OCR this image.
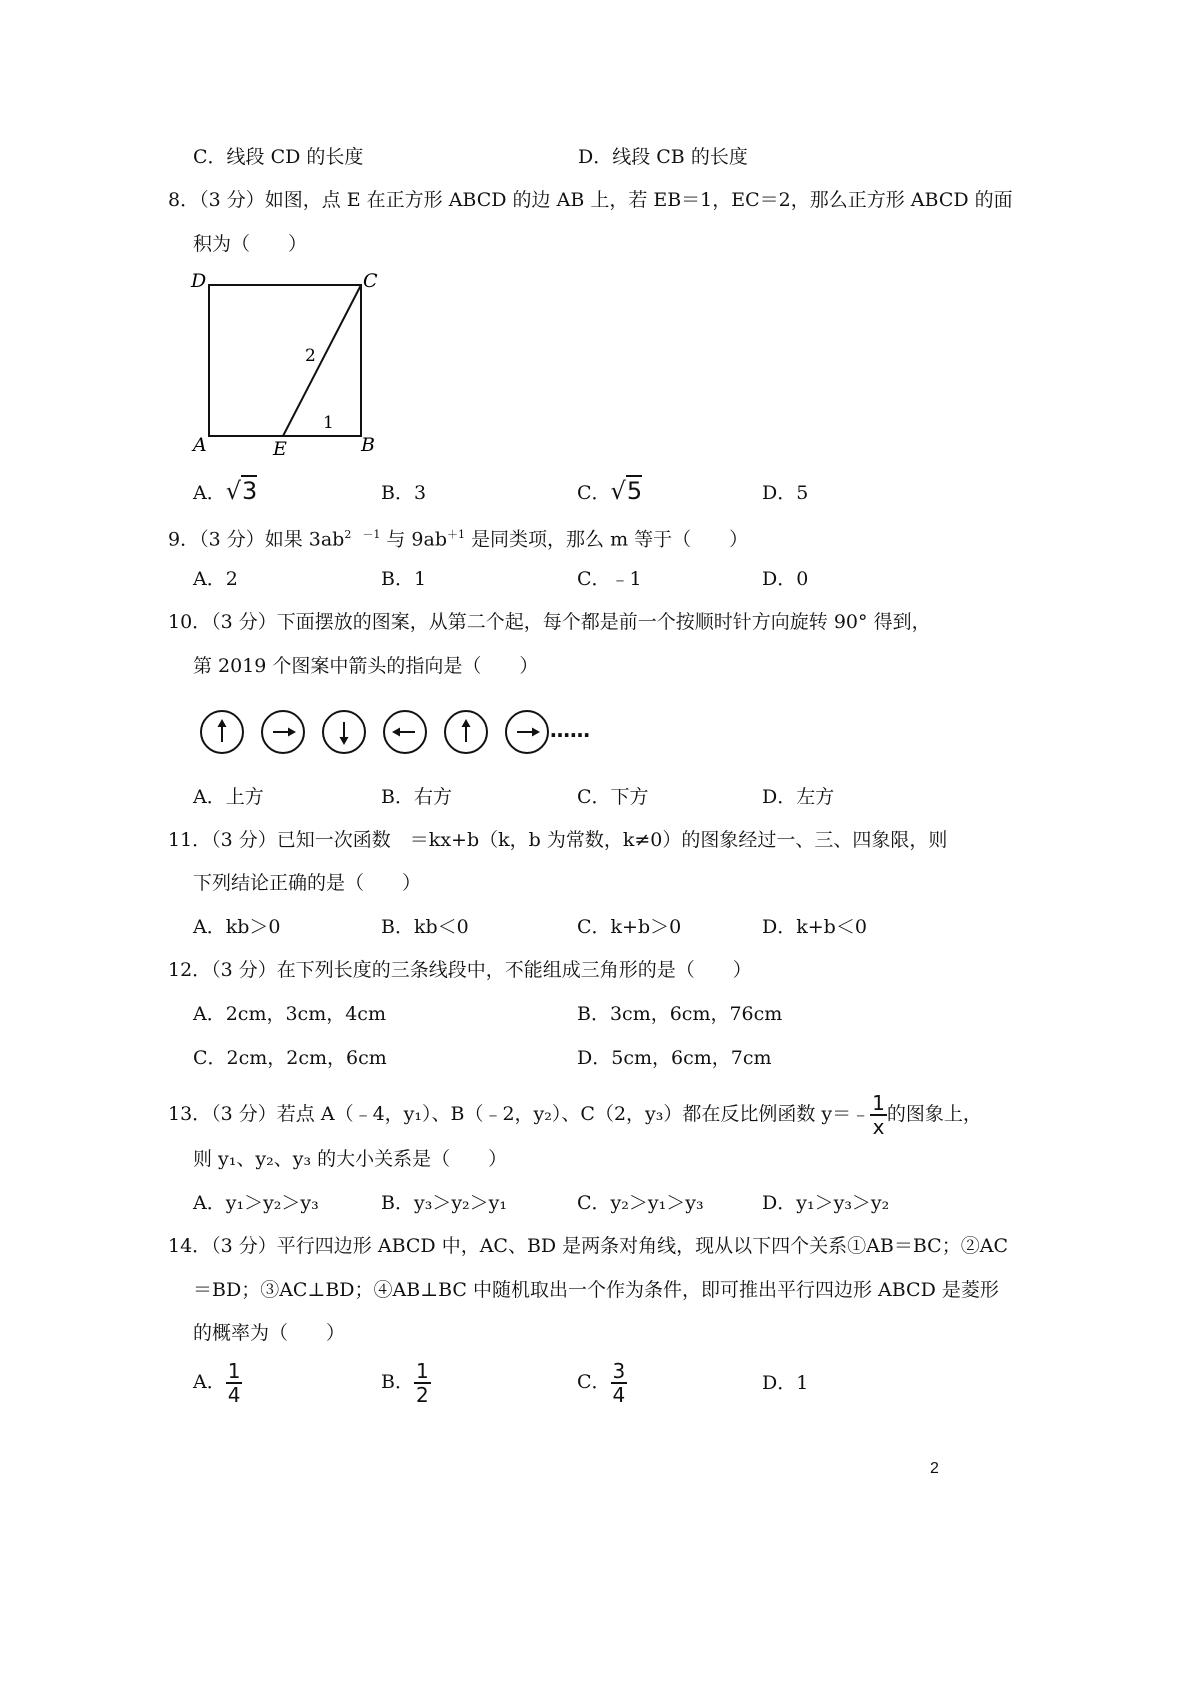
C．线段 CD 的长度	D．线段 CB 的长度
8．（3 分）如图，点 E 在正方形 ABCD 的边 AB 上，若 EB＝1，EC＝2，那么正方形 ABCD 的面
积为（　　）
D	C
A	E	B
2
1
A．√3	B．3	C．√5	D．5
9．（3 分）如果 $3ab^{2 -1}$ 与 $9ab^{+1}$ 是同类项，那么 m 等于（　　）
A．2	B．1	C．﹣1	D．0
10．（3 分）下面摆放的图案，从第二个起，每个都是前一个按顺时针方向旋转 90° 得到，
第 2019 个图案中箭头的指向是（　　）
……
A．上方	B．右方	C．下方	D．左方
11．（3 分）已知一次函数　＝kx+b（k，b 为常数，k≠0）的图象经过一、三、四象限，则
下列结论正确的是（　　）
A．kb＞0	B．kb＜0	C．k+b＞0	D．k+b＜0
12．（3 分）在下列长度的三条线段中，不能组成三角形的是（　　）
A．2cm，3cm，4cm	B．3cm，6cm，76cm
C．2cm，2cm，6cm	D．5cm，6cm，7cm
13．（3 分）若点 A（﹣4，y₁）、B（﹣2，y₂）、C（2，y₃）都在反比例函数 y＝﹣ $\frac{1}{x}$ 的图象上，
则 y₁、y₂、y₃ 的大小关系是（　　）
A．y₁＞y₂＞y₃	B．y₃＞y₂＞y₁	C．y₂＞y₁＞y₃	D．y₁＞y₃＞y₂
14．（3 分）平行四边形 ABCD 中，AC、BD 是两条对角线，现从以下四个关系①AB＝BC；②AC
＝BD；③AC⊥BD；④AB⊥BC 中随机取出一个作为条件，即可推出平行四边形 ABCD 是菱形
的概率为（　　）
A． $\frac{1}{4}$	B． $\frac{1}{2}$	C． $\frac{3}{4}$	D．1
2
